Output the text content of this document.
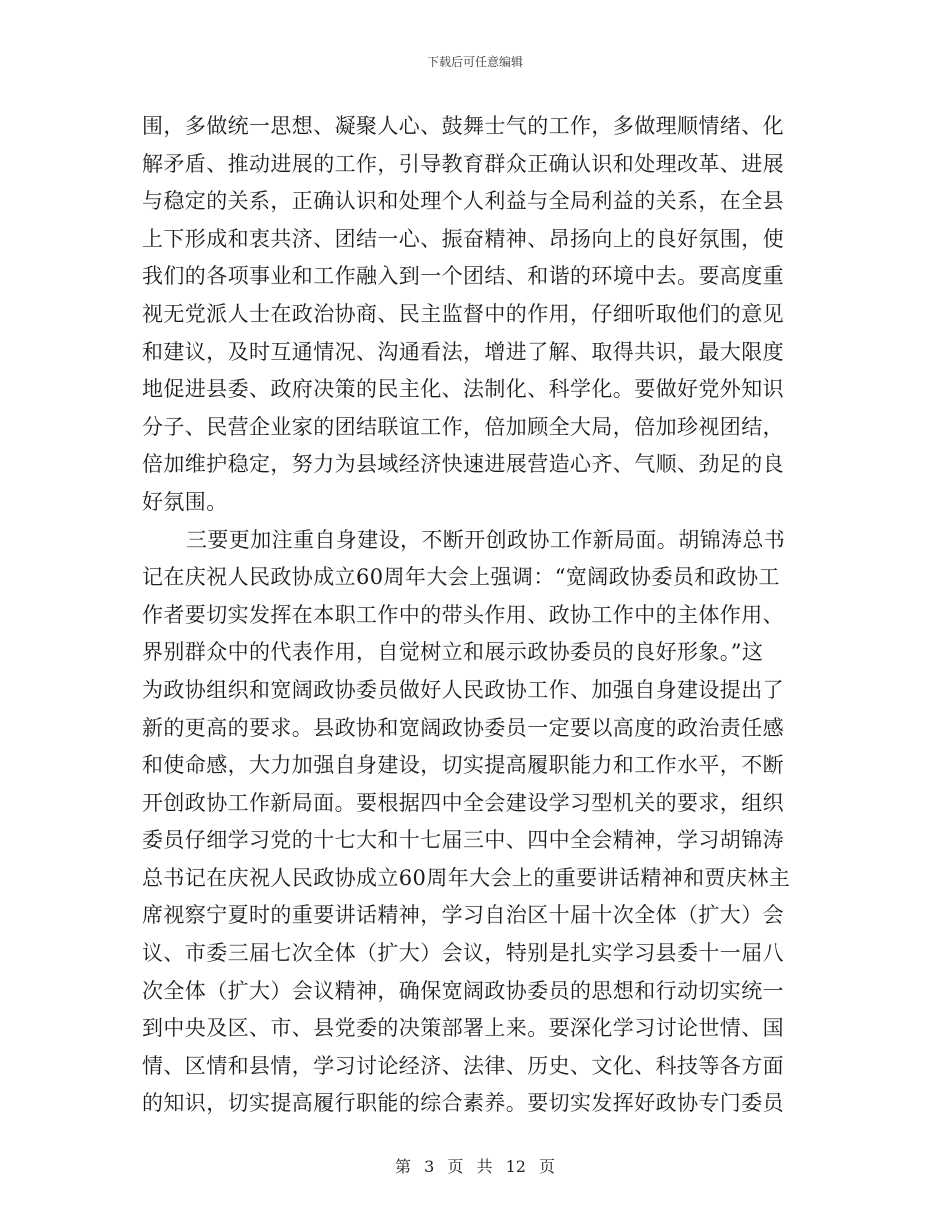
下载后可任意编辑
围，多做统一思想、凝聚人心、鼓舞士气的工作，多做理顺情绪、化
解矛盾、推动进展的工作，引导教育群众正确认识和处理改革、进展
与稳定的关系，正确认识和处理个人利益与全局利益的关系，在全县
上下形成和衷共济、团结一心、振奋精神、昂扬向上的良好氛围，使
我们的各项事业和工作融入到一个团结、和谐的环境中去。要高度重
视无党派人士在政治协商、民主监督中的作用，仔细听取他们的意见
和建议，及时互通情况、沟通看法，增进了解、取得共识，最大限度
地促进县委、政府决策的民主化、法制化、科学化。要做好党外知识
分子、民营企业家的团结联谊工作，倍加顾全大局，倍加珍视团结，
倍加维护稳定，努力为县域经济快速进展营造心齐、气顺、劲足的良
好氛围。
三要更加注重自身建设，不断开创政协工作新局面。胡锦涛总书
记在庆祝人民政协成立60周年大会上强调：“宽阔政协委员和政协工
作者要切实发挥在本职工作中的带头作用、政协工作中的主体作用、
界别群众中的代表作用，自觉树立和展示政协委员的良好形象。”这
为政协组织和宽阔政协委员做好人民政协工作、加强自身建设提出了
新的更高的要求。县政协和宽阔政协委员一定要以高度的政治责任感
和使命感，大力加强自身建设，切实提高履职能力和工作水平，不断
开创政协工作新局面。要根据四中全会建设学习型机关的要求，组织
委员仔细学习党的十七大和十七届三中、四中全会精神，学习胡锦涛
总书记在庆祝人民政协成立60周年大会上的重要讲话精神和贾庆林主
席视察宁夏时的重要讲话精神，学习自治区十届十次全体（扩大）会
议、市委三届七次全体（扩大）会议，特别是扎实学习县委十一届八
次全体（扩大）会议精神，确保宽阔政协委员的思想和行动切实统一
到中央及区、市、县党委的决策部署上来。要深化学习讨论世情、国
情、区情和县情，学习讨论经济、法律、历史、文化、科技等各方面
的知识，切实提高履行职能的综合素养。要切实发挥好政协专门委员
第 3 页 共 12 页
